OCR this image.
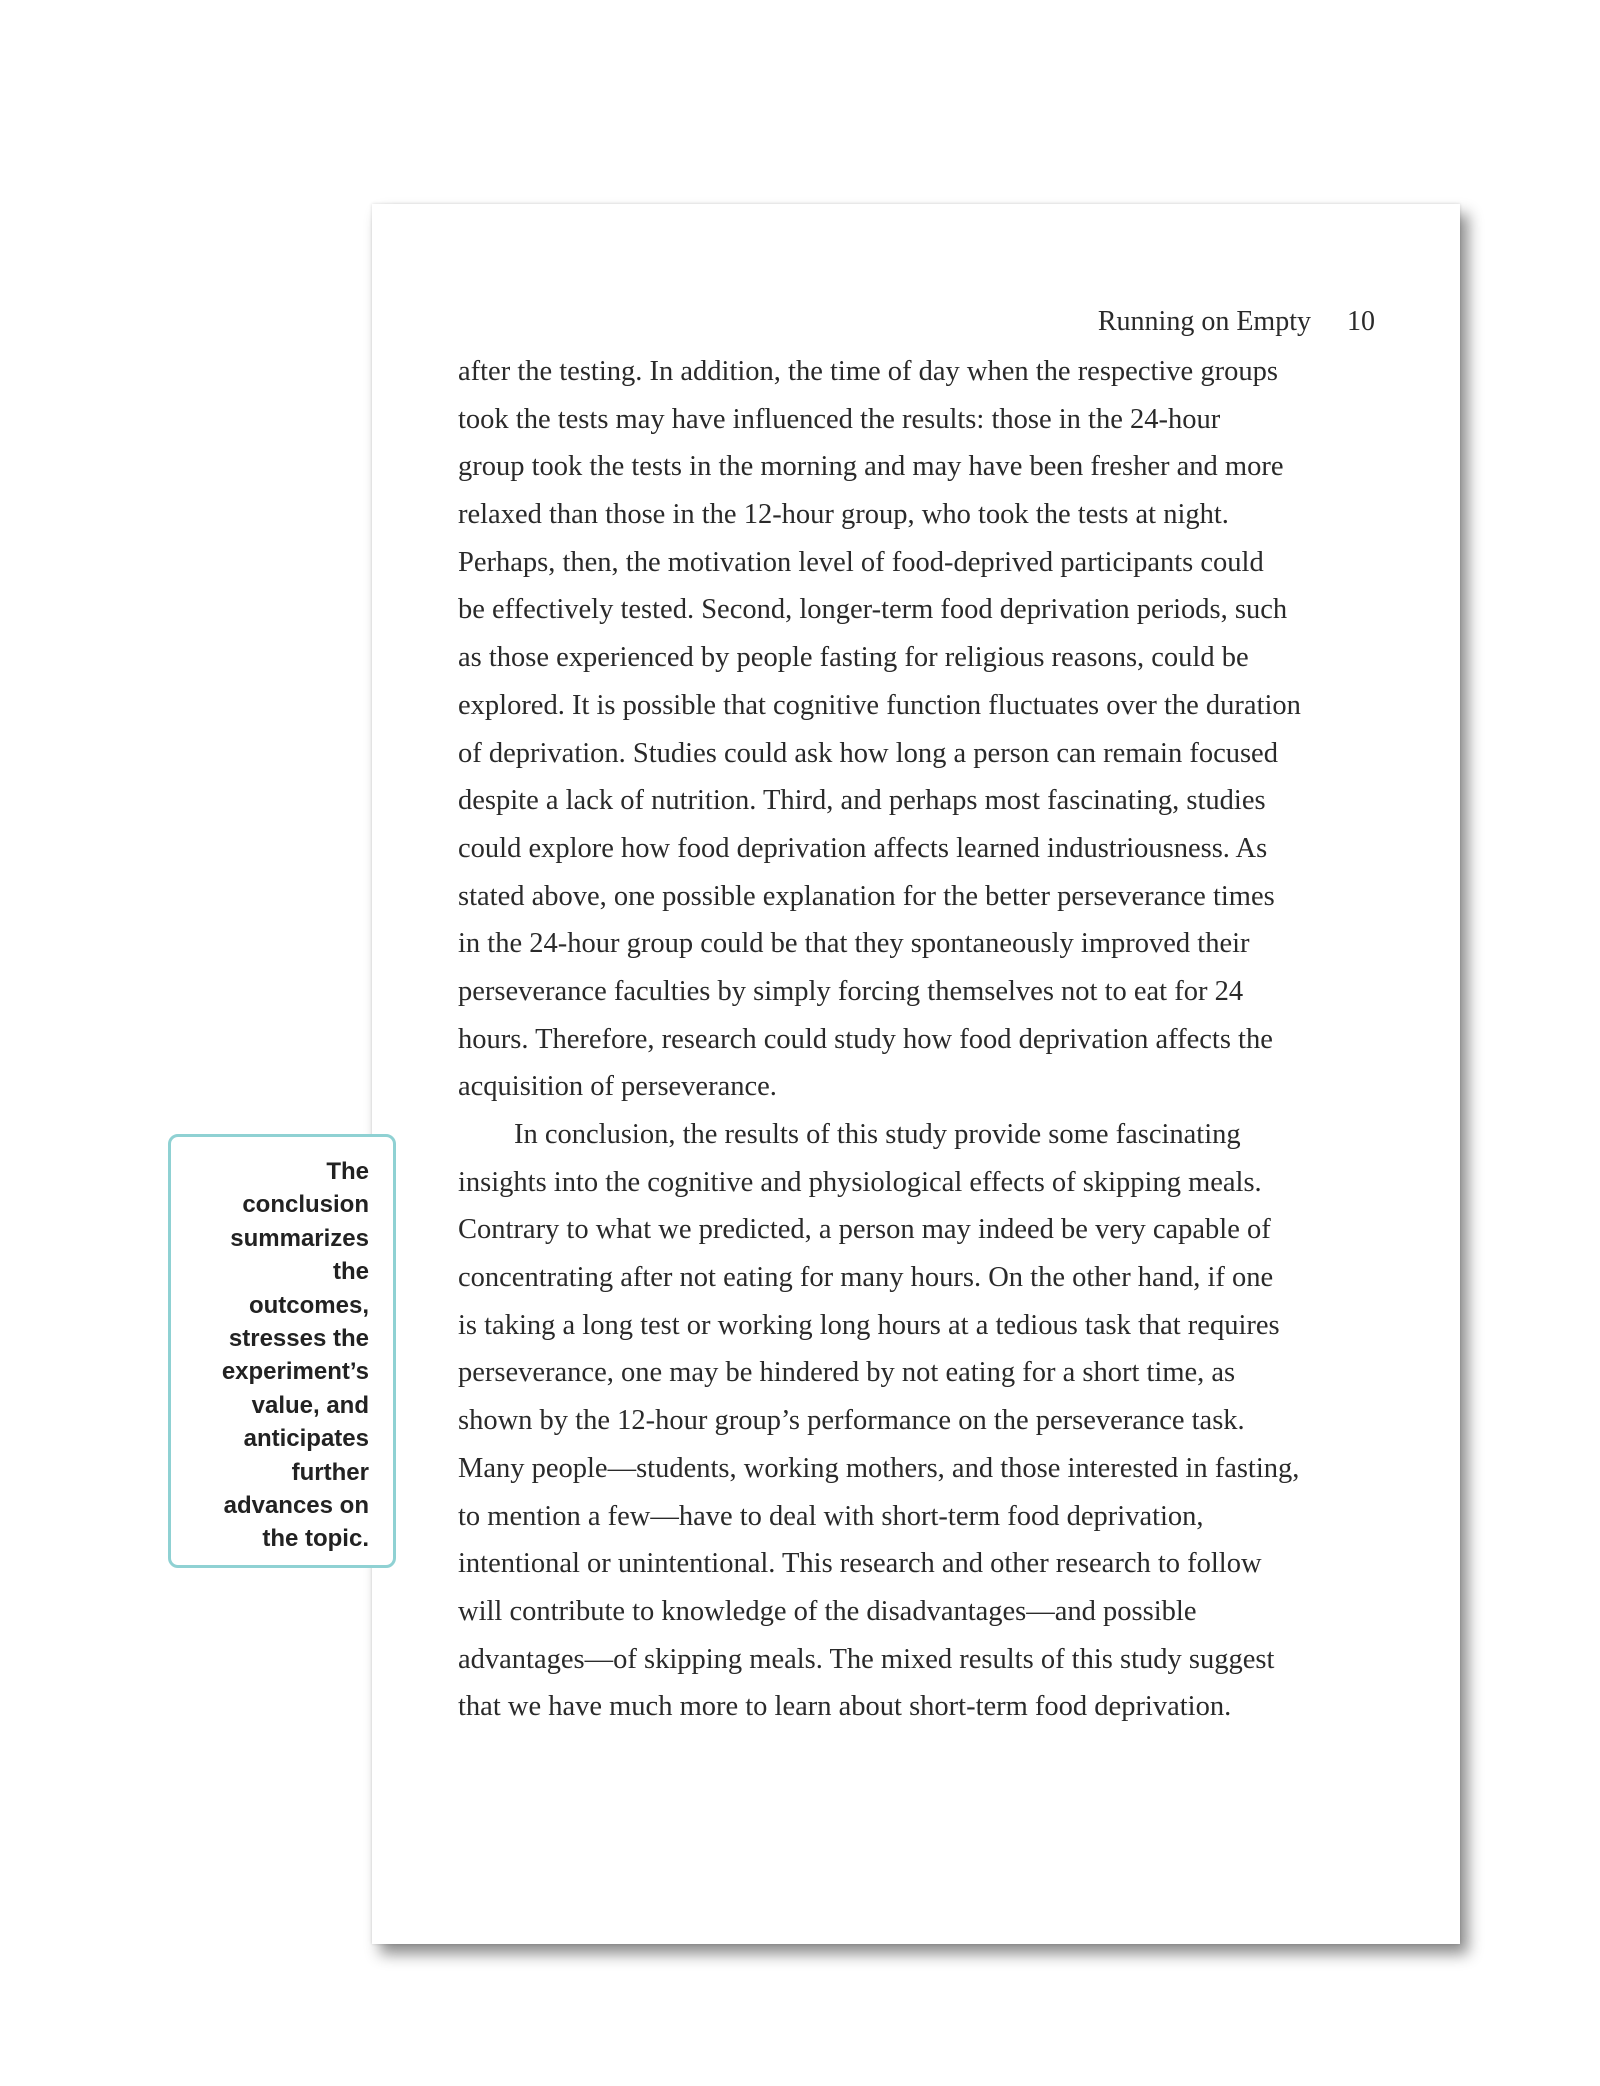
Running on Empty 10
after the testing. In addition, the time of day when the respective groups
took the tests may have influenced the results: those in the 24-hour
group took the tests in the morning and may have been fresher and more
relaxed than those in the 12-hour group, who took the tests at night.
Perhaps, then, the motivation level of food-deprived participants could
be effectively tested. Second, longer-term food deprivation periods, such
as those experienced by people fasting for religious reasons, could be
explored. It is possible that cognitive function fluctuates over the duration
of deprivation. Studies could ask how long a person can remain focused
despite a lack of nutrition. Third, and perhaps most fascinating, studies
could explore how food deprivation affects learned industriousness. As
stated above, one possible explanation for the better perseverance times
in the 24-hour group could be that they spontaneously improved their
perseverance faculties by simply forcing themselves not to eat for 24
hours. Therefore, research could study how food deprivation affects the
acquisition of perseverance.
In conclusion, the results of this study provide some fascinating
insights into the cognitive and physiological effects of skipping meals.
Contrary to what we predicted, a person may indeed be very capable of
concentrating after not eating for many hours. On the other hand, if one
is taking a long test or working long hours at a tedious task that requires
perseverance, one may be hindered by not eating for a short time, as
shown by the 12-hour group’s performance on the perseverance task.
Many people—students, working mothers, and those interested in fasting,
to mention a few—have to deal with short-term food deprivation,
intentional or unintentional. This research and other research to follow
will contribute to knowledge of the disadvantages—and possible
advantages—of skipping meals. The mixed results of this study suggest
that we have much more to learn about short-term food deprivation.
The
conclusion
summarizes
the
outcomes,
stresses the
experiment’s
value, and
anticipates
further
advances on
the topic.
